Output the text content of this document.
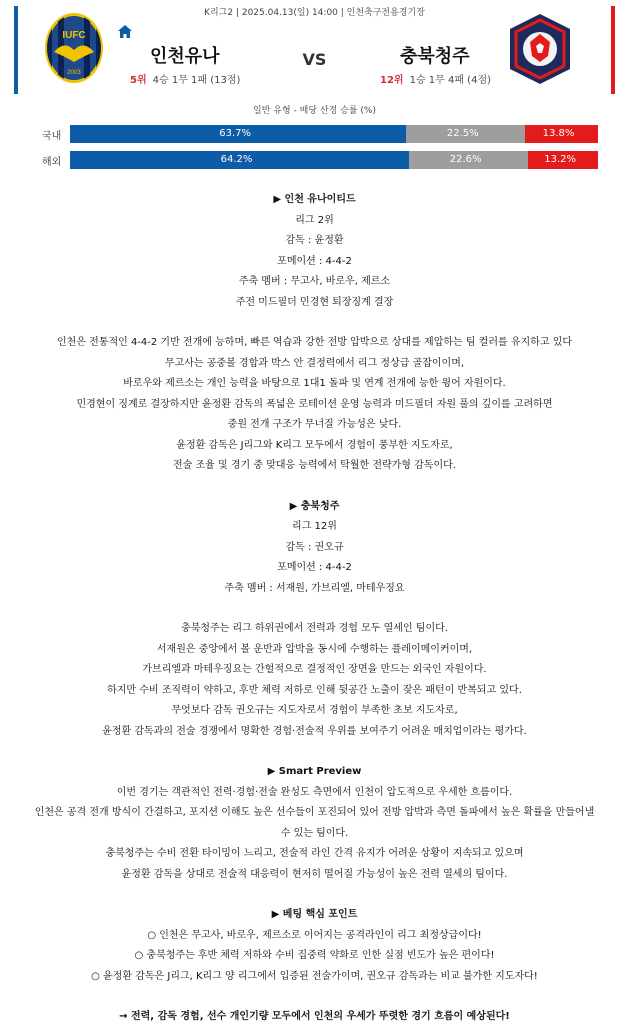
K리그2 | 2025.04.13(일) 14:00 | 인천축구전용경기장
IUFC
2003
인천유나	VS	충북청주
5위 4승 1무 1패 (13점)	12위 1승 1무 4패 (4점)
일반 유형 - 배당 산정 승률 (%)
국내	63.7%	22.5%	13.8%
해외	64.2%	22.6%	13.2%

▶ 인천 유나이티드

리그 2위

감독 : 윤정환

포메이션 : 4-4-2

주축 멤버 : 무고사, 바로우, 제르소

주전 미드필더 민경현 퇴장징계 결장

인천은 전통적인 4-4-2 기반 전개에 능하며, 빠른 역습과 강한 전방 압박으로 상대를 제압하는 팀 컬러를 유지하고 있다

무고사는 공중볼 경합과 박스 안 결정력에서 리그 정상급 골잡이이며,

바로우와 제르소는 개인 능력을 바탕으로 1대1 돌파 및 연계 전개에 능한 윙어 자원이다.

민경현이 징계로 결장하지만 윤정환 감독의 폭넓은 로테이션 운영 능력과 미드필더 자원 풀의 깊이를 고려하면

중원 전개 구조가 무너질 가능성은 낮다.

윤정환 감독은 J리그와 K리그 모두에서 경험이 풍부한 지도자로,

전술 조율 및 경기 중 맞대응 능력에서 탁월한 전략가형 감독이다.

▶ 충북청주

리그 12위

감독 : 권오규

포메이션 : 4-4-2

주축 멤버 : 서재원, 가브리엘, 마테우징요

충북청주는 리그 하위권에서 전력과 경험 모두 열세인 팀이다.

서재원은 중앙에서 볼 운반과 압박을 동시에 수행하는 플레이메이커이며,

가브리엘과 마테우징요는 간헐적으로 결정적인 장면을 만드는 외국인 자원이다.

하지만 수비 조직력이 약하고, 후반 체력 저하로 인해 뒷공간 노출이 잦은 패턴이 반복되고 있다.

무엇보다 감독 권오규는 지도자로서 경험이 부족한 초보 지도자로,

윤정환 감독과의 전술 경쟁에서 명확한 경험·전술적 우위를 보여주기 어려운 매치업이라는 평가다.

▶ Smart Preview

이번 경기는 객관적인 전력·경험·전술 완성도 측면에서 인천이 압도적으로 우세한 흐름이다.

인천은 공격 전개 방식이 간결하고, 포지션 이해도 높은 선수들이 포진되어 있어 전방 압박과 측면 돌파에서 높은 확률을 만들어낼

수 있는 팀이다.

충북청주는 수비 전환 타이밍이 느리고, 전술적 라인 간격 유지가 어려운 상황이 지속되고 있으며

윤정환 감독을 상대로 전술적 대응력이 현저히 떨어질 가능성이 높은 전력 열세의 팀이다.

▶ 베팅 핵심 포인트

○ 인천은 무고사, 바로우, 제르소로 이어지는 공격라인이 리그 최정상급이다!

○ 충북청주는 후반 체력 저하와 수비 집중력 약화로 인한 실점 빈도가 높은 편이다!

○ 윤정환 감독은 J리그, K리그 양 리그에서 입증된 전술가이며, 권오규 감독과는 비교 불가한 지도자다!

→ 전력, 감독 경험, 선수 개인기량 모두에서 인천의 우세가 뚜렷한 경기 흐름이 예상된다!
